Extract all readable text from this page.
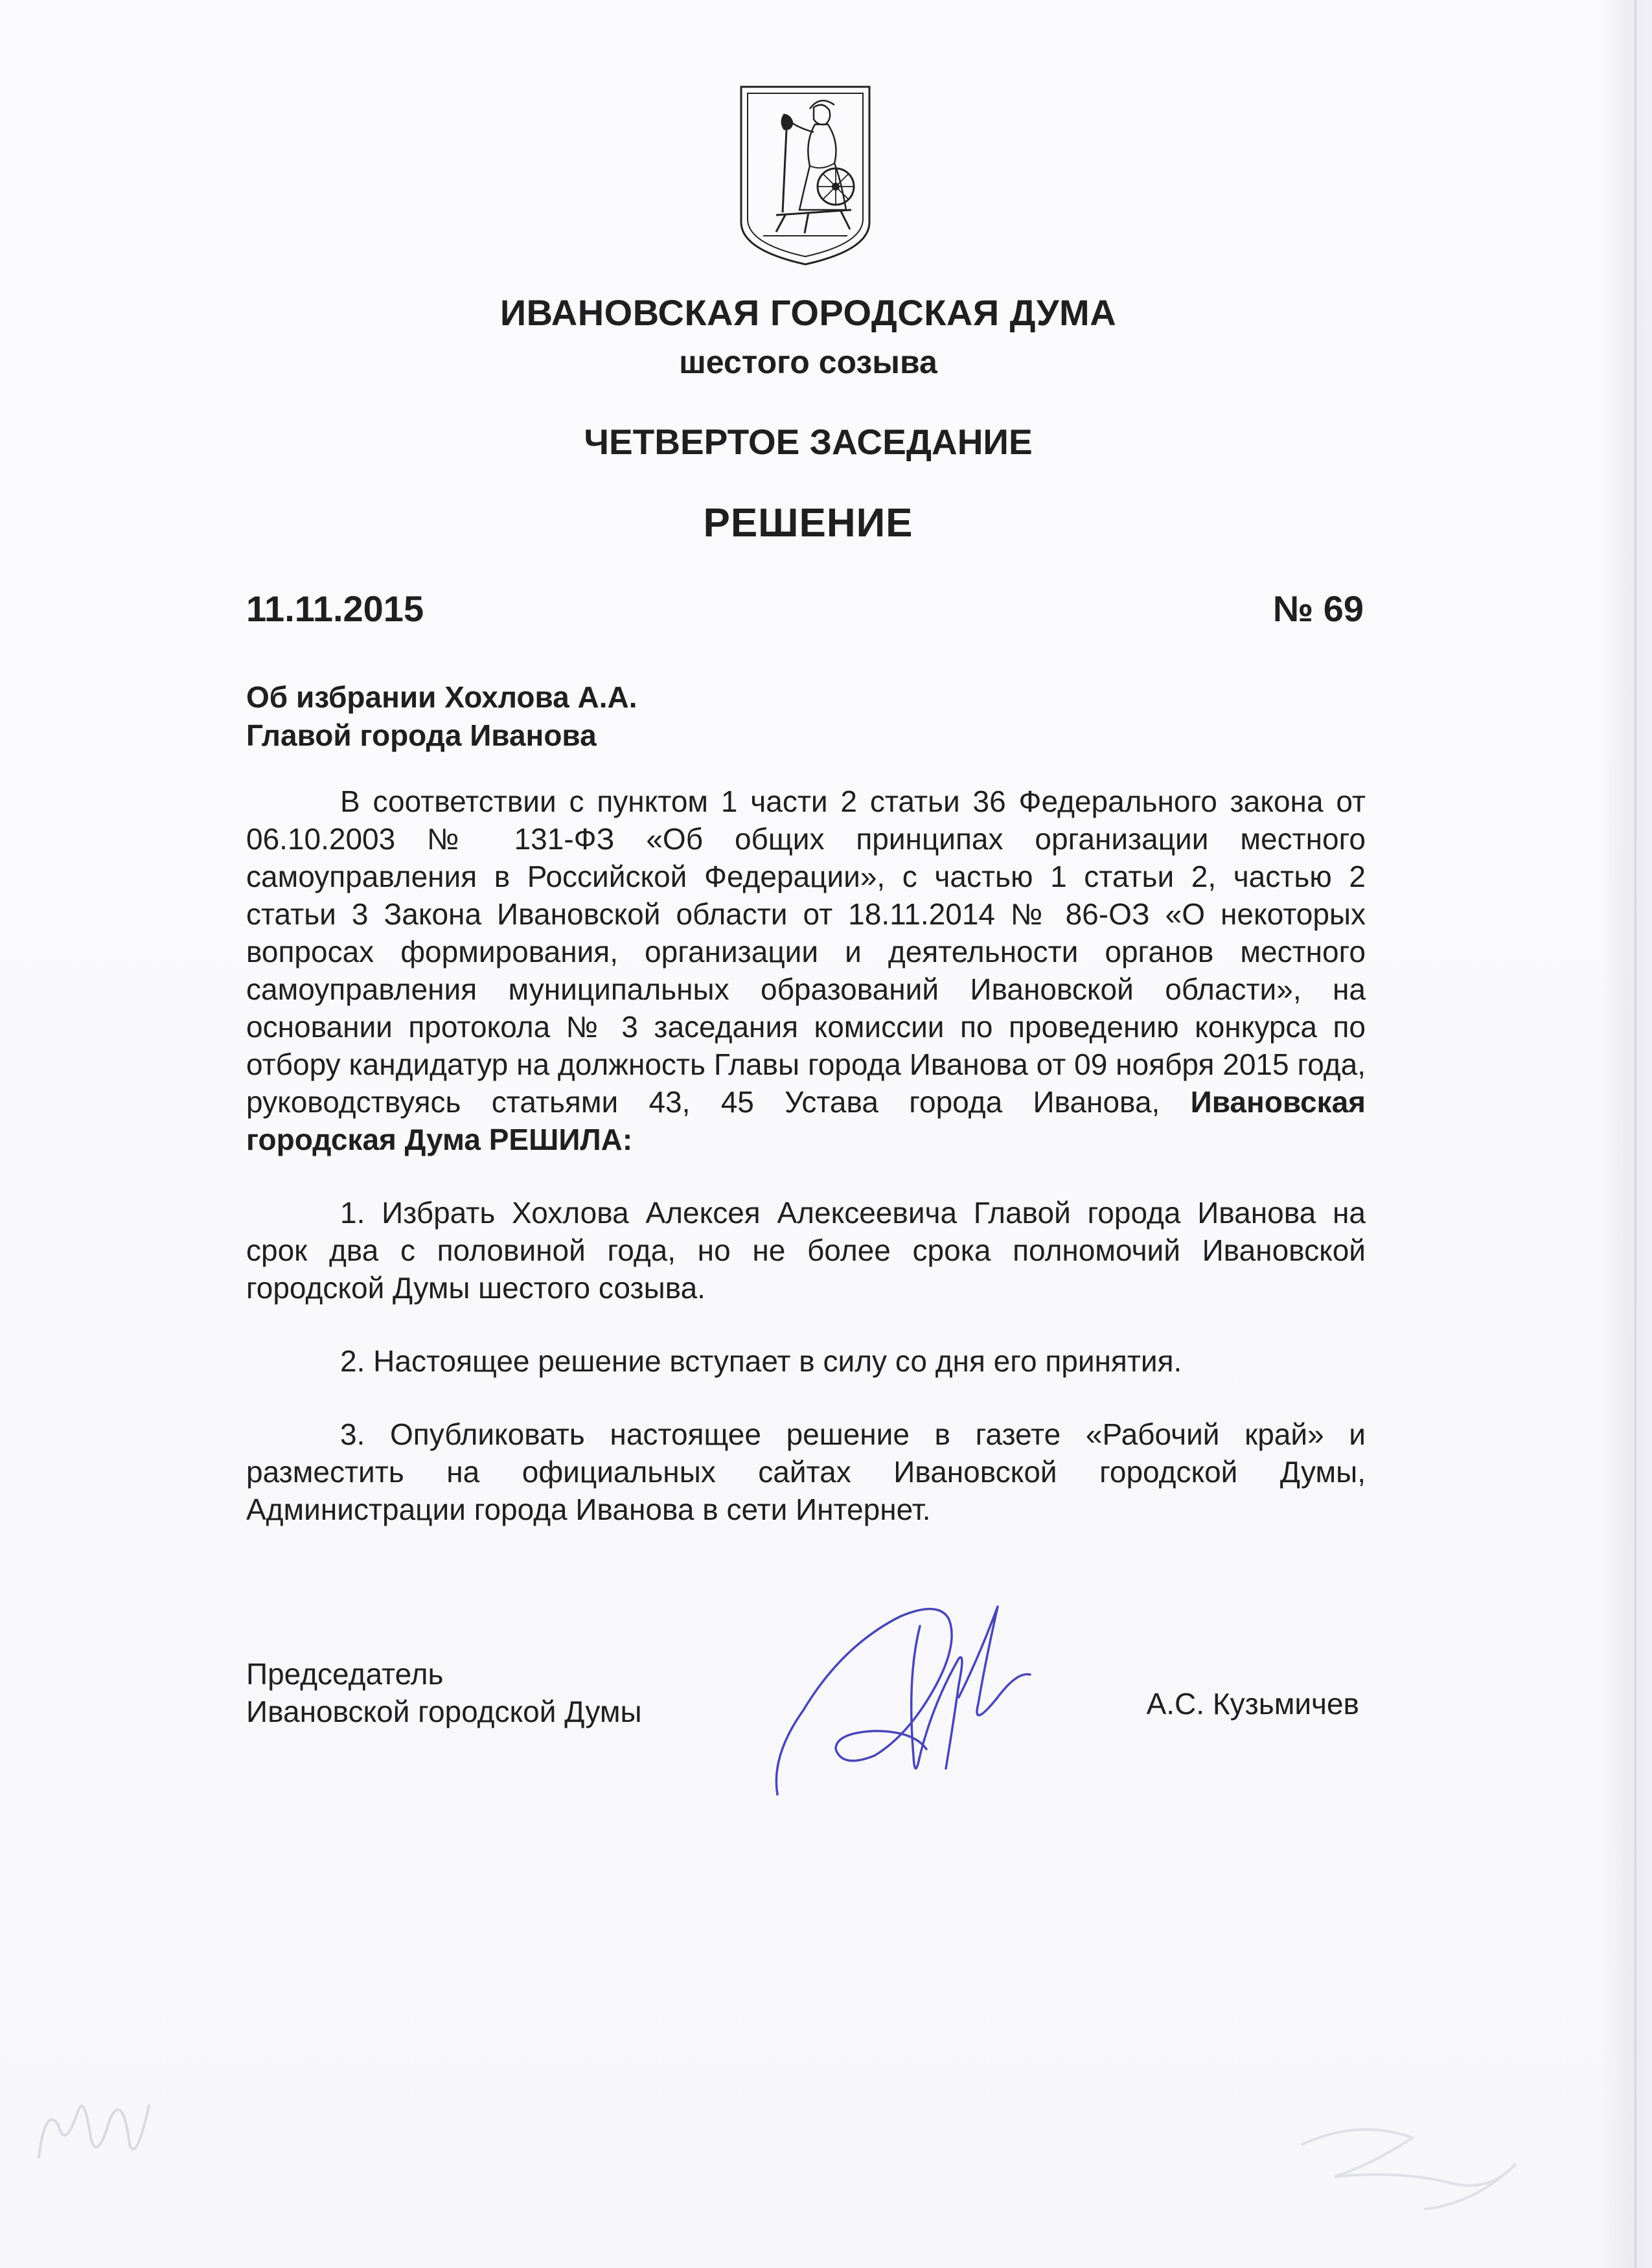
ИВАНОВСКАЯ ГОРОДСКАЯ ДУМА
шестого созыва
ЧЕТВЕРТОЕ ЗАСЕДАНИЕ
РЕШЕНИЕ
11.11.2015	№ 69
Об избрании Хохлова А.А.
Главой города Иванова

В соответствии с пунктом 1 части 2 статьи 36 Федерального закона от 06.10.2003 № 131-ФЗ «Об общих принципах организации местного самоуправления в Российской Федерации», с частью 1 статьи 2, частью 2 статьи 3 Закона Ивановской области от 18.11.2014 № 86-ОЗ «О некоторых вопросах формирования, организации и деятельности органов местного самоуправления муниципальных образований Ивановской области», на основании протокола № 3 заседания комиссии по проведению конкурса по отбору кандидатур на должность Главы города Иванова от 09 ноября 2015 года, руководствуясь статьями 43, 45 Устава города Иванова, Ивановская городская Дума РЕШИЛА:

1. Избрать Хохлова Алексея Алексеевича Главой города Иванова на срок два с половиной года, но не более срока полномочий Ивановской городской Думы шестого созыва.

2. Настоящее решение вступает в силу со дня его принятия.

3. Опубликовать настоящее решение в газете «Рабочий край» и разместить на официальных сайтах Ивановской городской Думы, Администрации города Иванова в сети Интернет.

Председатель
Ивановской городской Думы	А.С. Кузьмичев
